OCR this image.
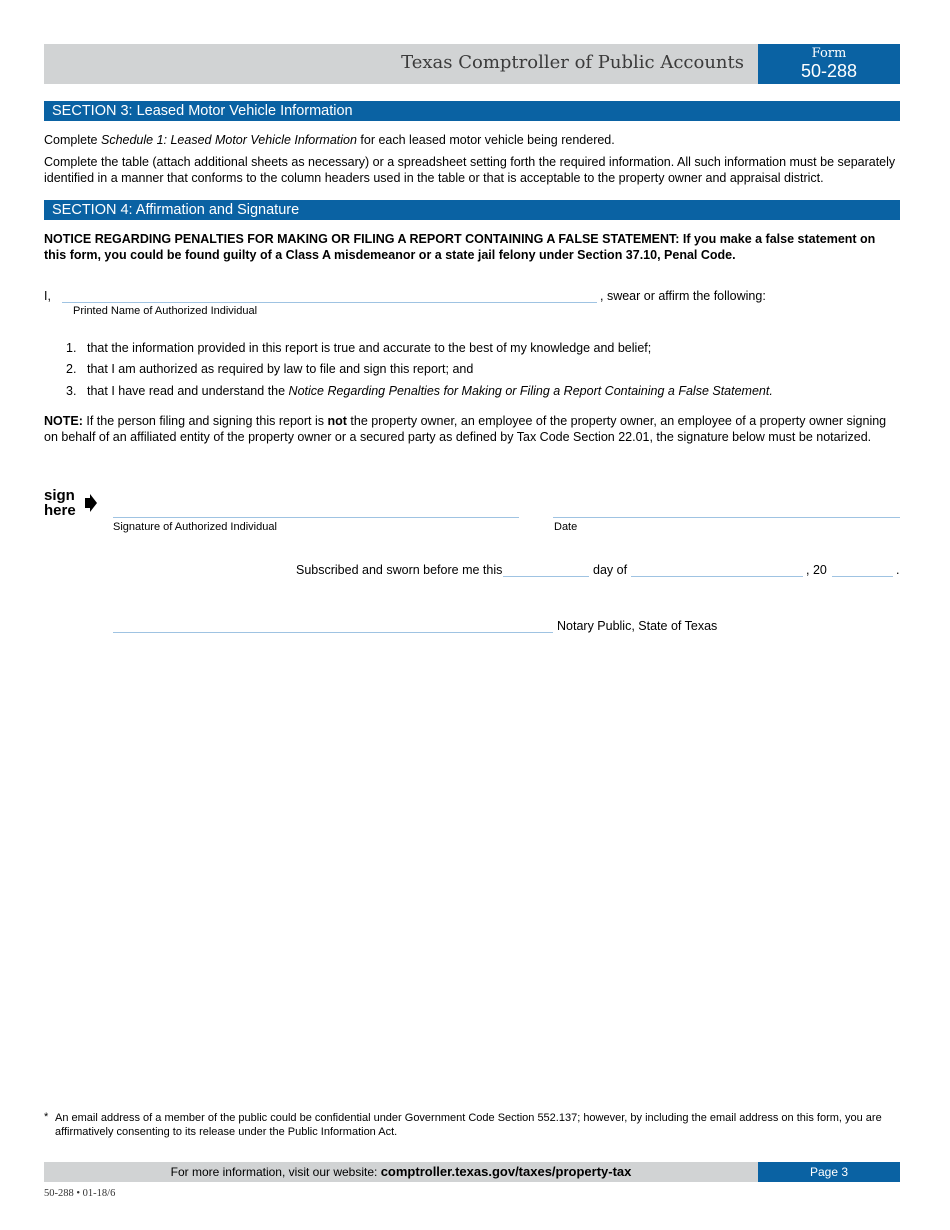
Texas Comptroller of Public Accounts	Form
50-288
SECTION 3: Leased Motor Vehicle Information
Complete Schedule 1: Leased Motor Vehicle Information for each leased motor vehicle being rendered.
Complete the table (attach additional sheets as necessary) or a spreadsheet setting forth the required information. All such information must be separately identified in a manner that conforms to the column headers used in the table or that is acceptable to the property owner and appraisal district.
SECTION 4: Affirmation and Signature
NOTICE REGARDING PENALTIES FOR MAKING OR FILING A REPORT CONTAINING A FALSE STATEMENT: If you make a false statement on this form, you could be found guilty of a Class A misdemeanor or a state jail felony under Section 37.10, Penal Code.
I,	, swear or affirm the following:
Printed Name of Authorized Individual
1. that the information provided in this report is true and accurate to the best of my knowledge and belief;
2. that I am authorized as required by law to file and sign this report; and
3. that I have read and understand the Notice Regarding Penalties for Making or Filing a Report Containing a False Statement.
NOTE: If the person filing and signing this report is not the property owner, an employee of the property owner, an employee of a property owner signing on behalf of an affiliated entity of the property owner or a secured party as defined by Tax Code Section 22.01, the signature below must be notarized.
sign
here
Signature of Authorized Individual	Date
Subscribed and sworn before me this	day of	, 20	.
Notary Public, State of Texas
* An email address of a member of the public could be confidential under Government Code Section 552.137; however, by including the email address on this form, you are affirmatively consenting to its release under the Public Information Act.
For more information, visit our website: comptroller.texas.gov/taxes/property-tax	Page 3
50-288 • 01-18/6
